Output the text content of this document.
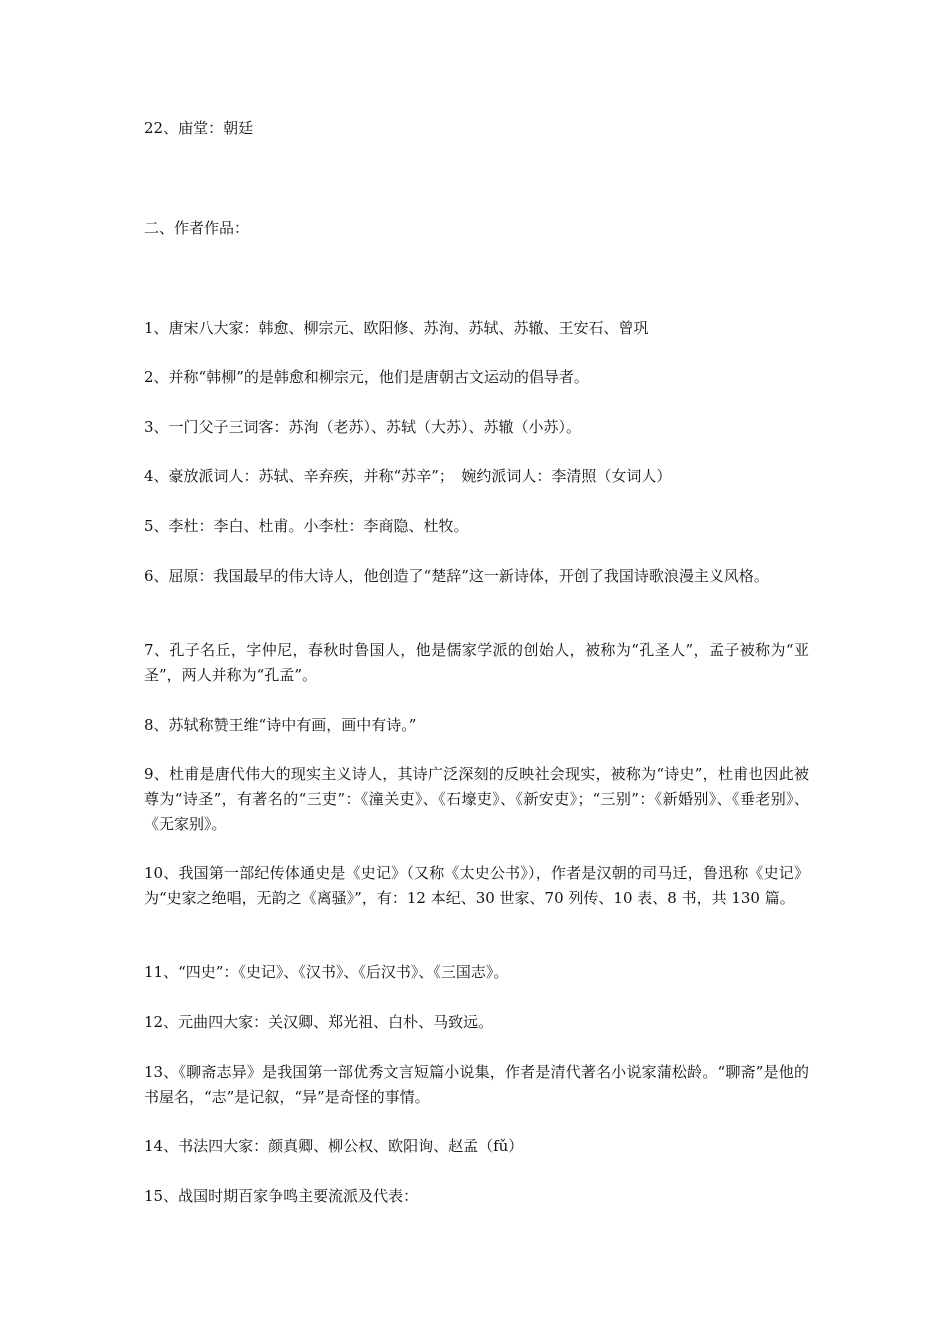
22、庙堂：朝廷
二、作者作品：
1、唐宋八大家：韩愈、柳宗元、欧阳修、苏洵、苏轼、苏辙、王安石、曾巩
2、并称“韩柳”的是韩愈和柳宗元，他们是唐朝古文运动的倡导者。
3、一门父子三词客：苏洵（老苏）、苏轼（大苏）、苏辙（小苏）。
4、豪放派词人：苏轼、辛弃疾，并称“苏辛”；　婉约派词人：李清照（女词人）
5、李杜：李白、杜甫。小李杜：李商隐、杜牧。
6、屈原：我国最早的伟大诗人，他创造了“楚辞”这一新诗体，开创了我国诗歌浪漫主义风格。
7、孔子名丘，字仲尼，春秋时鲁国人，他是儒家学派的创始人，被称为“孔圣人”，孟子被称为“亚圣”，两人并称为“孔孟”。
8、苏轼称赞王维“诗中有画，画中有诗。”
9、杜甫是唐代伟大的现实主义诗人，其诗广泛深刻的反映社会现实，被称为“诗史”，杜甫也因此被尊为“诗圣”，有著名的“三吏”：《潼关吏》、《石壕吏》、《新安吏》；“三别”：《新婚别》、《垂老别》、《无家别》。
10、我国第一部纪传体通史是《史记》（又称《太史公书》），作者是汉朝的司马迁，鲁迅称《史记》为“史家之绝唱，无韵之《离骚》”，有：12 本纪、30 世家、70 列传、10 表、8 书，共 130 篇。
11、“四史”：《史记》、《汉书》、《后汉书》、《三国志》。
12、元曲四大家：关汉卿、郑光祖、白朴、马致远。
13、《聊斋志异》是我国第一部优秀文言短篇小说集，作者是清代著名小说家蒲松龄。“聊斋”是他的书屋名，“志”是记叙，“异”是奇怪的事情。
14、书法四大家：颜真卿、柳公权、欧阳询、赵孟（fǔ）
15、战国时期百家争鸣主要流派及代表：
